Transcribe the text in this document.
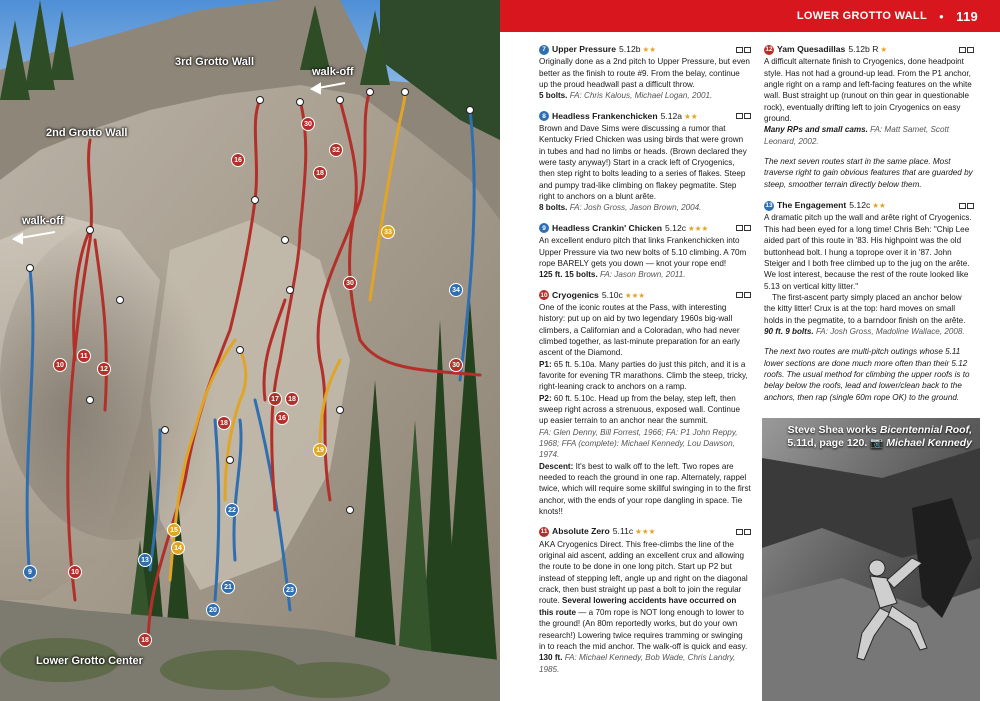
30
16
32
18
33
34
30
10
11
12
17	18
16
19
22
15
14
13
23
21
20
18
9	10
30
18
3rd Grotto Wall
2nd Grotto Wall
walk-off
walk-off
Lower Grotto Center
LOWER GROTTO WALL ● 119
7 Upper Pressure 5.12b ★★
Originally done as a 2nd pitch to Upper Pressure, but even better as the finish to route #9. From the belay, continue up the proud headwall past a difficult throw.
5 bolts. FA: Chris Kalous, Michael Logan, 2001.
8 Headless Frankenchicken 5.12a ★★
Brown and Dave Sims were discussing a rumor that Kentucky Fried Chicken was using birds that were grown in tubes and had no limbs or heads. (Brown declared they were tasty anyway!) Start in a crack left of Cryogenics, then step right to bolts leading to a series of flakes. Steep and pumpy trad-like climbing on flakey pegmatite. Step right to anchors on a blunt arête.
8 bolts. FA: Josh Gross, Jason Brown, 2004.
9 Headless Crankin' Chicken 5.12c ★★★
An excellent enduro pitch that links Frankenchicken into Upper Pressure via two new bolts of 5.10 climbing. A 70m rope BARELY gets you down — knot your rope end!
125 ft. 15 bolts. FA: Jason Brown, 2011.
10 Cryogenics 5.10c ★★★
One of the iconic routes at the Pass, with interesting history: put up on aid by two legendary 1960s big-wall climbers, a Californian and a Coloradan, who had never climbed together, as last-minute preparation for an early ascent of the Diamond.
P1: 65 ft. 5.10a. Many parties do just this pitch, and it is a favorite for evening TR marathons. Climb the steep, tricky, right-leaning crack to anchors on a ramp.
P2: 60 ft. 5.10c. Head up from the belay, step left, then sweep right across a strenuous, exposed wall. Continue up easier terrain to an anchor near the summit.
FA: Glen Denny, Bill Forrest, 1966; FA: P1 John Reppy, 1968; FFA (complete): Michael Kennedy, Lou Dawson, 1974.
Descent: It's best to walk off to the left. Two ropes are needed to reach the ground in one rap. Alternately, rappel twice, which will require some skillful swinging in to the first anchor, with the ends of your rope dangling in space. Tie knots!!
11 Absolute Zero 5.11c ★★★
AKA Cryogenics Direct. This free-climbs the line of the original aid ascent, adding an excellent crux and allowing the route to be done in one long pitch. Start up P2 but instead of stepping left, angle up and right on the diagonal crack, then bust straight up past a bolt to join the regular route. Several lowering accidents have occurred on this route — a 70m rope is NOT long enough to lower to the ground! (An 80m reportedly works, but do your own research!) Lowering twice requires tramming or swinging in to reach the mid anchor. The walk-off is quick and easy.
130 ft. FA: Michael Kennedy, Bob Wade, Chris Landry, 1985.
12 Yam Quesadillas 5.12b R ★
A difficult alternate finish to Cryogenics, done headpoint style. Has not had a ground-up lead. From the P1 anchor, angle right on a ramp and left-facing features on the white wall. Bust straight up (runout on thin gear in questionable rock), eventually drifting left to join Cryogenics on easy ground.
Many RPs and small cams. FA: Matt Samet, Scott Leonard, 2002.
The next seven routes start in the same place. Most traverse right to gain obvious features that are guarded by steep, smoother terrain directly below them.
13 The Engagement 5.12c ★★
A dramatic pitch up the wall and arête right of Cryogenics. This had been eyed for a long time! Chris Beh: "Chip Lee aided part of this route in '83. His highpoint was the old buttonhead bolt. I hung a toprope over it in '87. John Steiger and I both free climbed up to the jug on the arête. We lost interest, because the rest of the route looked like 5.13 on vertical kitty litter."
The first-ascent party simply placed an anchor below the kitty litter! Crux is at the top: hard moves on small holds in the pegmatite, to a barndoor finish on the arête.
90 ft. 9 bolts. FA: Josh Gross, Madoline Wallace, 2008.
The next two routes are multi-pitch outings whose 5.11 lower sections are done much more often than their 5.12 roofs. The usual method for climbing the upper roofs is to belay below the roofs, lead and lower/clean back to the anchors, then rap (single 60m rope OK) to the ground.
Steve Shea works Bicentennial Roof,
5.11d, page 120. 📷 Michael Kennedy
